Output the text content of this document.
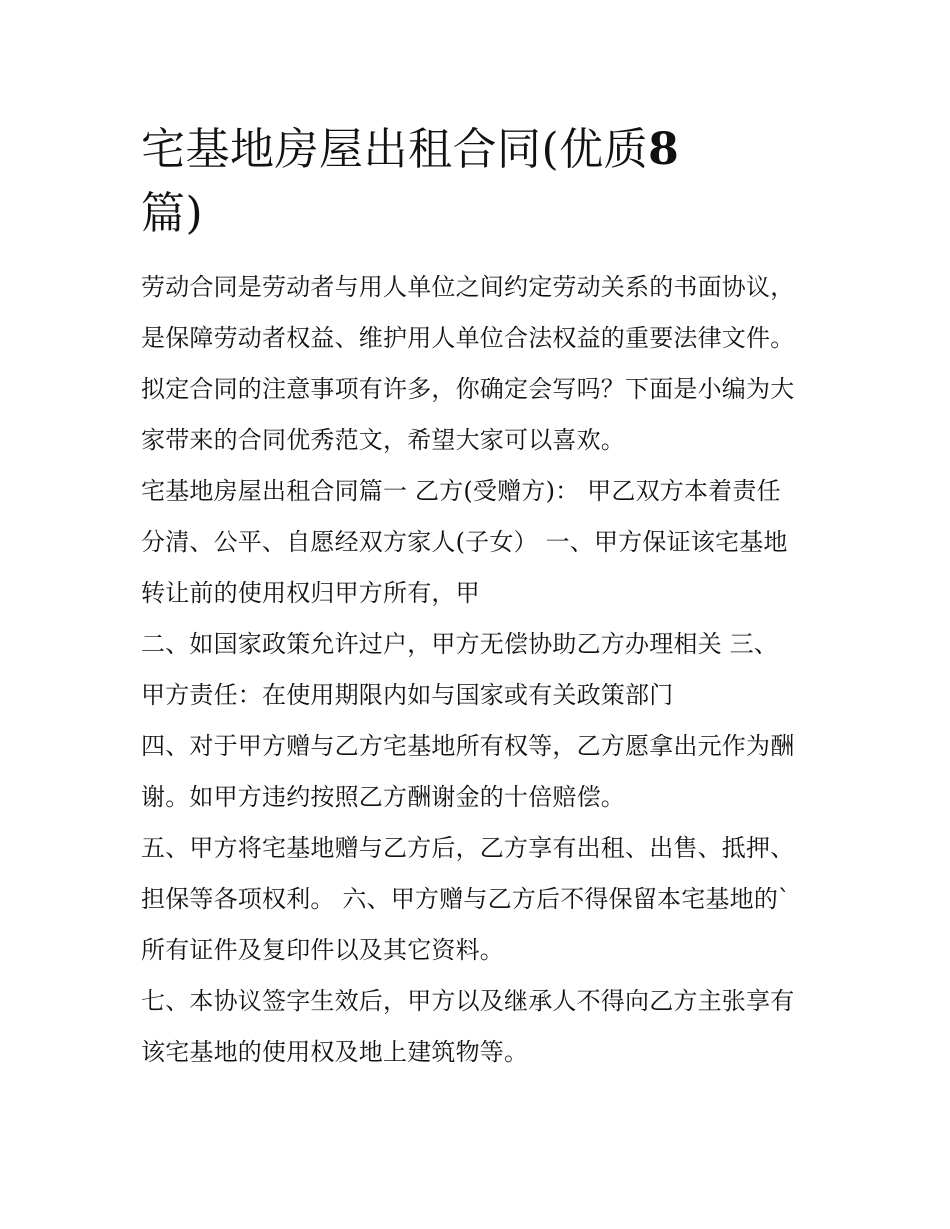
宅基地房屋出租合同(优质8
篇)

劳动合同是劳动者与用人单位之间约定劳动关系的书面协议，
是保障劳动者权益、维护用人单位合法权益的重要法律文件。
拟定合同的注意事项有许多，你确定会写吗？下面是小编为大
家带来的合同优秀范文，希望大家可以喜欢。

宅基地房屋出租合同篇一 乙方(受赠方)： 甲乙双方本着责任
分清、公平、自愿经双方家人(子女） 一、甲方保证该宅基地
转让前的使用权归甲方所有，甲

二、如国家政策允许过户，甲方无偿协助乙方办理相关 三、
甲方责任：在使用期限内如与国家或有关政策部门

四、对于甲方赠与乙方宅基地所有权等，乙方愿拿出元作为酬
谢。如甲方违约按照乙方酬谢金的十倍赔偿。

五、甲方将宅基地赠与乙方后，乙方享有出租、出售、抵押、
担保等各项权利。 六、甲方赠与乙方后不得保留本宅基地的`
所有证件及复印件以及其它资料。

七、本协议签字生效后，甲方以及继承人不得向乙方主张享有
该宅基地的使用权及地上建筑物等。
